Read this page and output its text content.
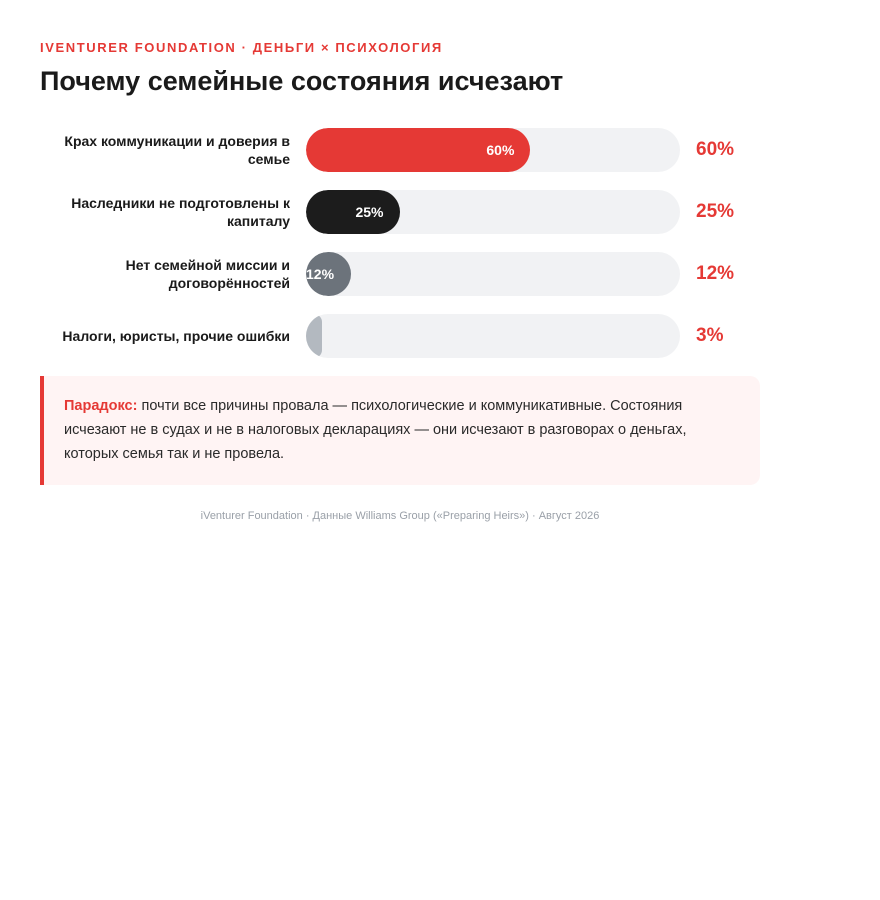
IVENTURER FOUNDATION · ДЕНЬГИ × ПСИХОЛОГИЯ

Почему семейные состояния исчезают
Крах коммуникации и доверия в семье
60%	60%
Наследники не подготовлены к капиталу
25%	25%
Нет семейной миссии и договорённостей
12%	12%
Налоги, юристы, прочие ошибки	3%
Парадокс: почти все причины провала — психологические и коммуникативные. Состояния исчезают не в судах и не в налоговых декларациях — они исчезают в разговорах о деньгах, которых семья так и не провела.
iVenturer Foundation · Данные Williams Group («Preparing Heirs») · Август 2026
